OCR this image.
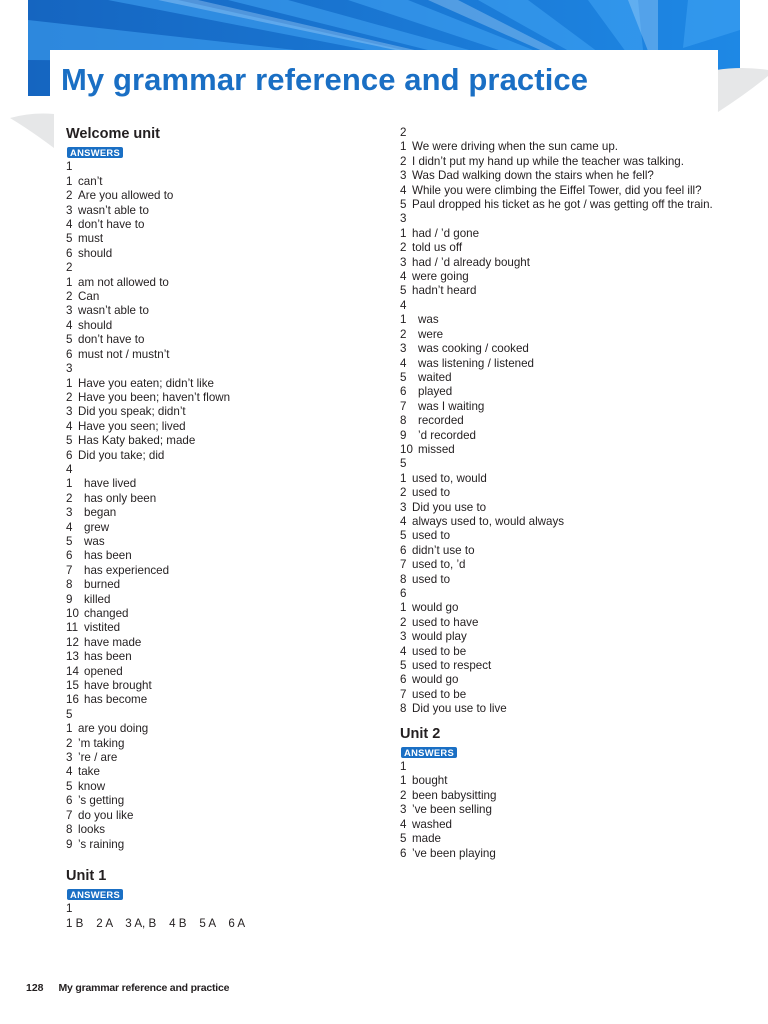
My grammar reference and practice
Welcome unit
ANSWERS
1
1 can’t
2 Are you allowed to
3 wasn’t able to
4 don’t have to
5 must
6 should
2
1 am not allowed to
2 Can
3 wasn’t able to
4 should
5 don’t have to
6 must not / mustn’t
3
1 Have you eaten; didn’t like
2 Have you been; haven’t flown
3 Did you speak; didn’t
4 Have you seen; lived
5 Has Katy baked; made
6 Did you take; did
4
1 have lived
2 has only been
3 began
4 grew
5 was
6 has been
7 has experienced
8 burned
9 killed
10 changed
11 vistited
12 have made
13 has been
14 opened
15 have brought
16 has become
5
1 are you doing
2 ’m taking
3 ’re / are
4 take
5 know
6 ’s getting
7 do you like
8 looks
9 ’s raining
Unit 1
ANSWERS
1
1 B    2 A    3 A, B    4 B    5 A    6 A
2
1 We were driving when the sun came up.
2 I didn’t put my hand up while the teacher was talking.
3 Was Dad walking down the stairs when he fell?
4 While you were climbing the Eiffel Tower, did you feel ill?
5 Paul dropped his ticket as he got / was getting off the train.
3
1 had / ’d gone
2 told us off
3 had / ’d already bought
4 were going
5 hadn’t heard
4
1 was
2 were
3 was cooking / cooked
4 was listening / listened
5 waited
6 played
7 was I waiting
8 recorded
9 ’d recorded
10 missed
5
1 used to, would
2 used to
3 Did you use to
4 always used to, would always
5 used to
6 didn’t use to
7 used to, ’d
8 used to
6
1 would go
2 used to have
3 would play
4 used to be
5 used to respect
6 would go
7 used to be
8 Did you use to live
Unit 2
ANSWERS
1
1 bought
2 been babysitting
3 ’ve been selling
4 washed
5 made
6 ’ve been playing
128 My grammar reference and practice
